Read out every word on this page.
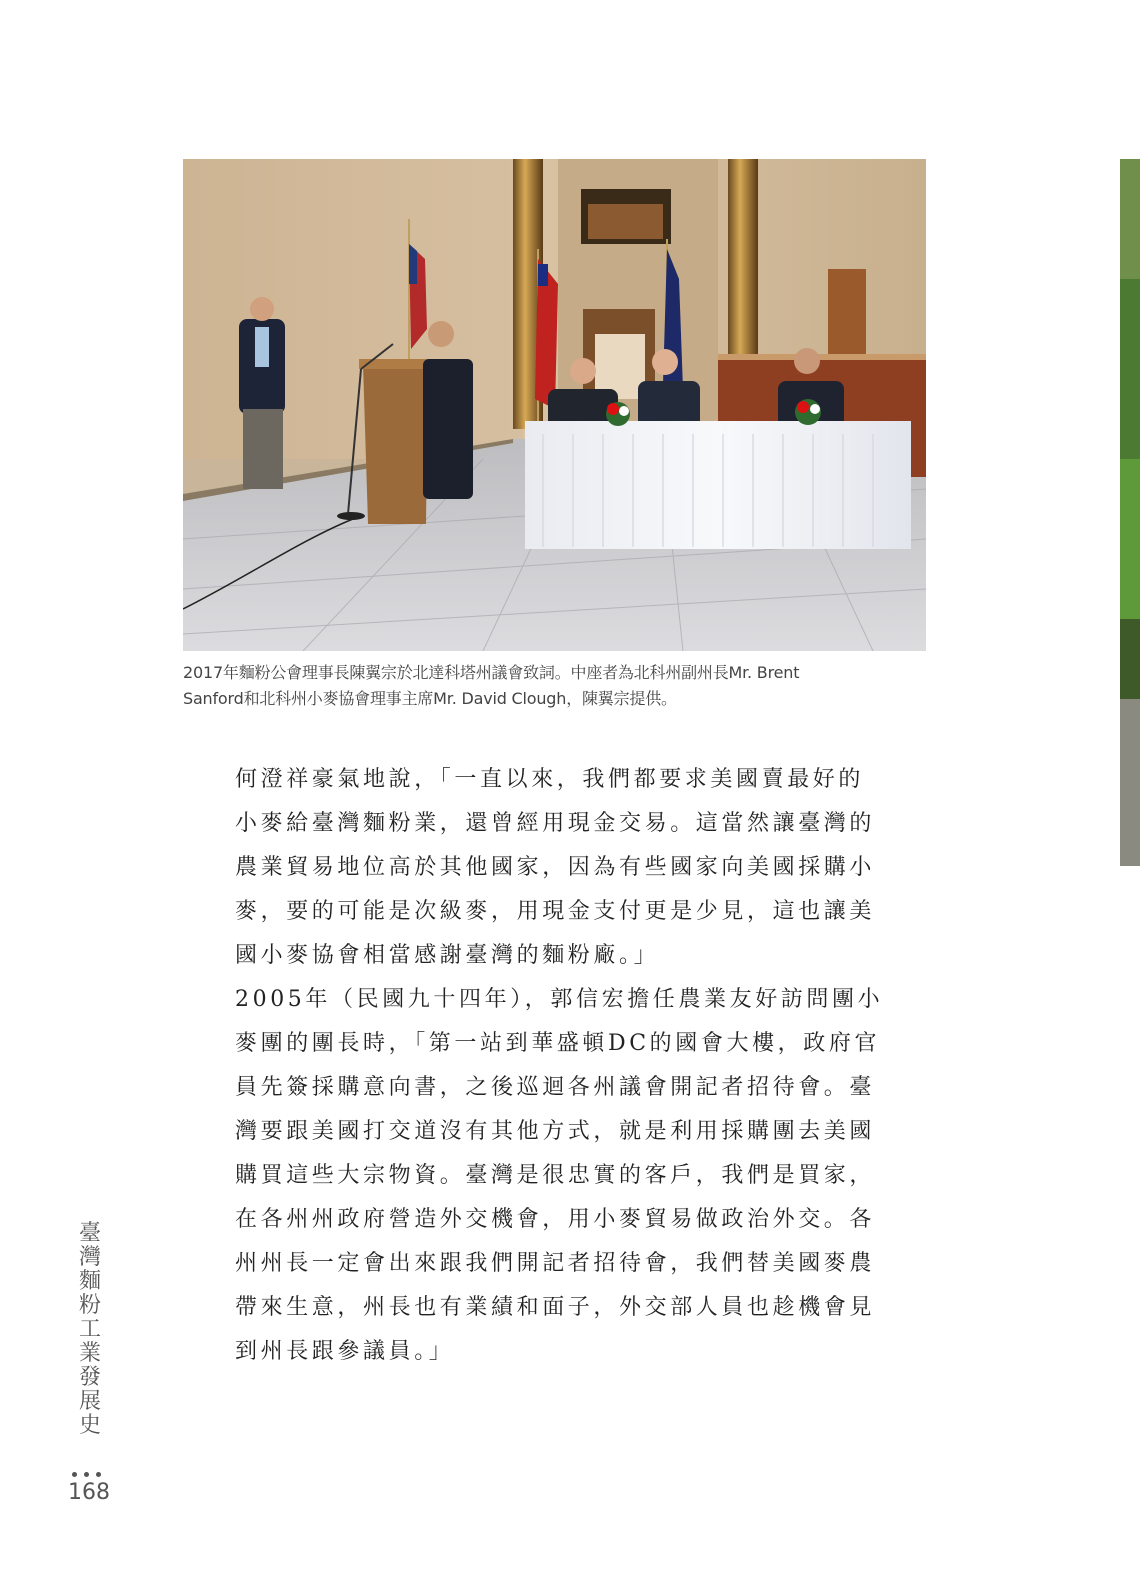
2017年麵粉公會理事長陳翼宗於北達科塔州議會致詞。中座者為北科州副州長Mr. Brent
Sanford和北科州小麥協會理事主席Mr. David Clough，陳翼宗提供。
何澄祥豪氣地說，「一直以來，我們都要求美國賣最好的
小麥給臺灣麵粉業，還曾經用現金交易。這當然讓臺灣的
農業貿易地位高於其他國家，因為有些國家向美國採購小
麥，要的可能是次級麥，用現金支付更是少見，這也讓美
國小麥協會相當感謝臺灣的麵粉廠。」
2005年（民國九十四年），郭信宏擔任農業友好訪問團小
麥團的團長時，「第一站到華盛頓DC的國會大樓，政府官
員先簽採購意向書，之後巡迴各州議會開記者招待會。臺
灣要跟美國打交道沒有其他方式，就是利用採購團去美國
購買這些大宗物資。臺灣是很忠實的客戶，我們是買家，
在各州州政府營造外交機會，用小麥貿易做政治外交。各
州州長一定會出來跟我們開記者招待會，我們替美國麥農
帶來生意，州長也有業績和面子，外交部人員也趁機會見
到州長跟參議員。」
臺
灣
麵
粉
工
業
發
展
史
168
